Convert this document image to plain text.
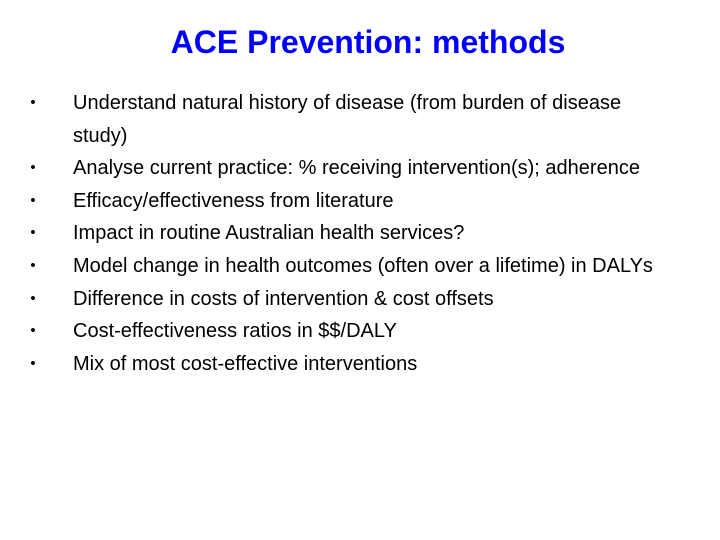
ACE Prevention: methods
• Understand natural history of disease (from burden of disease study)
• Analyse current practice: % receiving intervention(s); adherence
• Efficacy/effectiveness from literature
• Impact in routine Australian health services?
• Model change in health outcomes (often over a lifetime) in DALYs
• Difference in costs of intervention & cost offsets
• Cost-effectiveness ratios in $$/DALY
• Mix of most cost-effective interventions
